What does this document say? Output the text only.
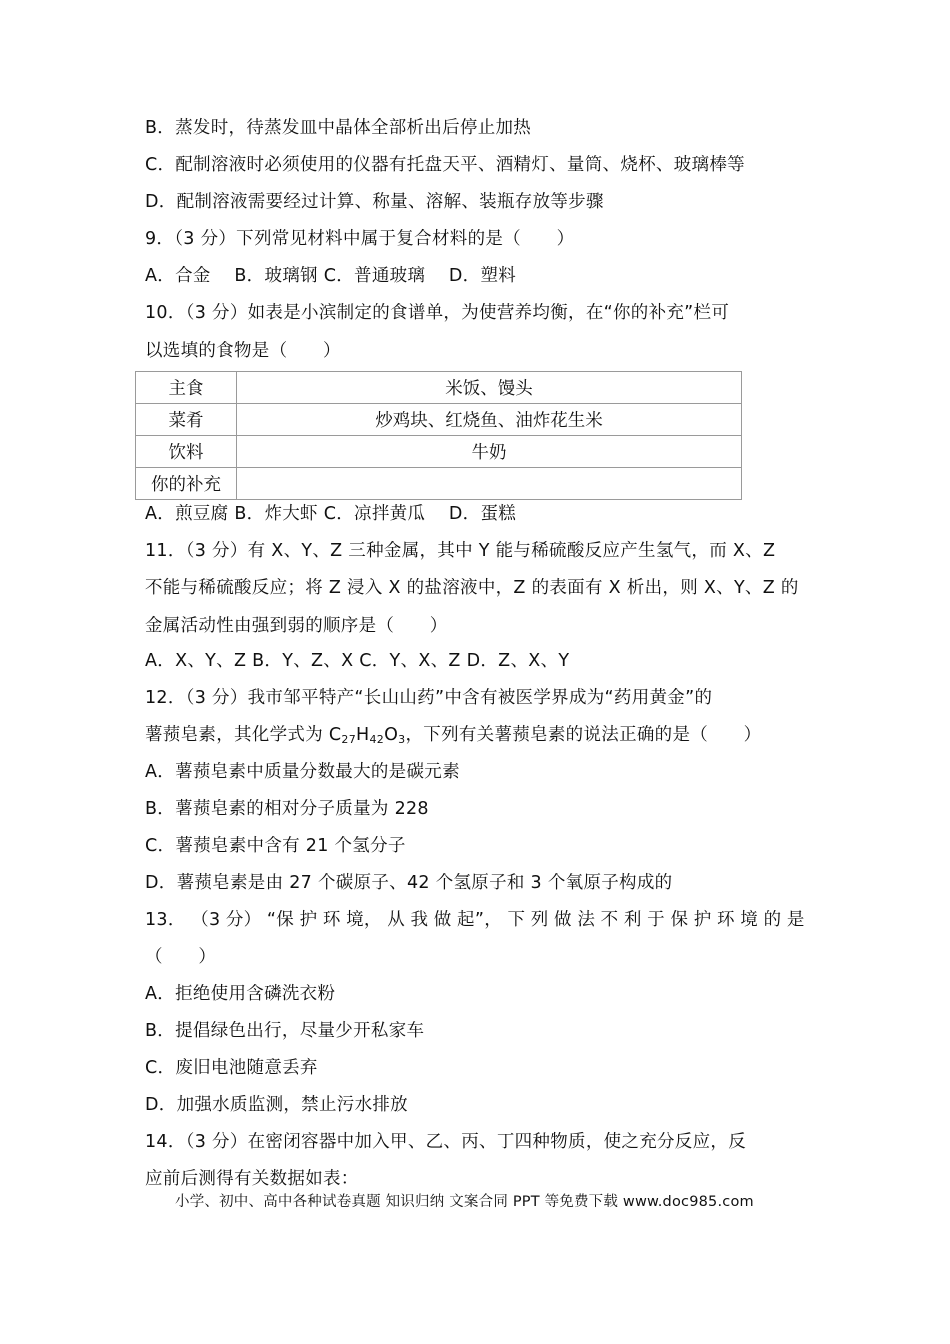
B．蒸发时，待蒸发皿中晶体全部析出后停止加热
C．配制溶液时必须使用的仪器有托盘天平、酒精灯、量筒、烧杯、玻璃棒等
D．配制溶液需要经过计算、称量、溶解、装瓶存放等步骤
9．（3 分）下列常见材料中属于复合材料的是（　　）
A．合金　 B．玻璃钢 C．普通玻璃　 D．塑料
10．（3 分）如表是小滨制定的食谱单，为使营养均衡，在“你的补充”栏可
以选填的食物是（　　）
主食	米饭、馒头
菜肴	炒鸡块、红烧鱼、油炸花生米
饮料	牛奶
你的补充	
A．煎豆腐 B．炸大虾 C．凉拌黄瓜　 D．蛋糕
11．（3 分）有 X、Y、Z 三种金属，其中 Y 能与稀硫酸反应产生氢气，而 X、Z
不能与稀硫酸反应；将 Z 浸入 X 的盐溶液中，Z 的表面有 X 析出，则 X、Y、Z 的
金属活动性由强到弱的顺序是（　　）
A．X、Y、Z B．Y、Z、X C．Y、X、Z D．Z、X、Y
12．（3 分）我市邹平特产“长山山药”中含有被医学界成为“药用黄金”的
薯蓣皂素，其化学式为 $C_{27}H_{42}O_3$，下列有关薯蓣皂素的说法正确的是（　　）
A．薯蓣皂素中质量分数最大的是碳元素
B．薯蓣皂素的相对分子质量为 228
C．薯蓣皂素中含有 21 个氢分子
D．薯蓣皂素是由 27 个碳原子、42 个氢原子和 3 个氧原子构成的
13． （3 分） “保 护 环 境， 从 我 做 起”， 下 列 做 法 不 利 于 保 护 环 境 的 是
（　　）
A．拒绝使用含磷洗衣粉
B．提倡绿色出行，尽量少开私家车
C．废旧电池随意丢弃
D．加强水质监测，禁止污水排放
14．（3 分）在密闭容器中加入甲、乙、丙、丁四种物质，使之充分反应，反
应前后测得有关数据如表：
小学、初中、高中各种试卷真题 知识归纳 文案合同 PPT 等免费下载 www.doc985.com
